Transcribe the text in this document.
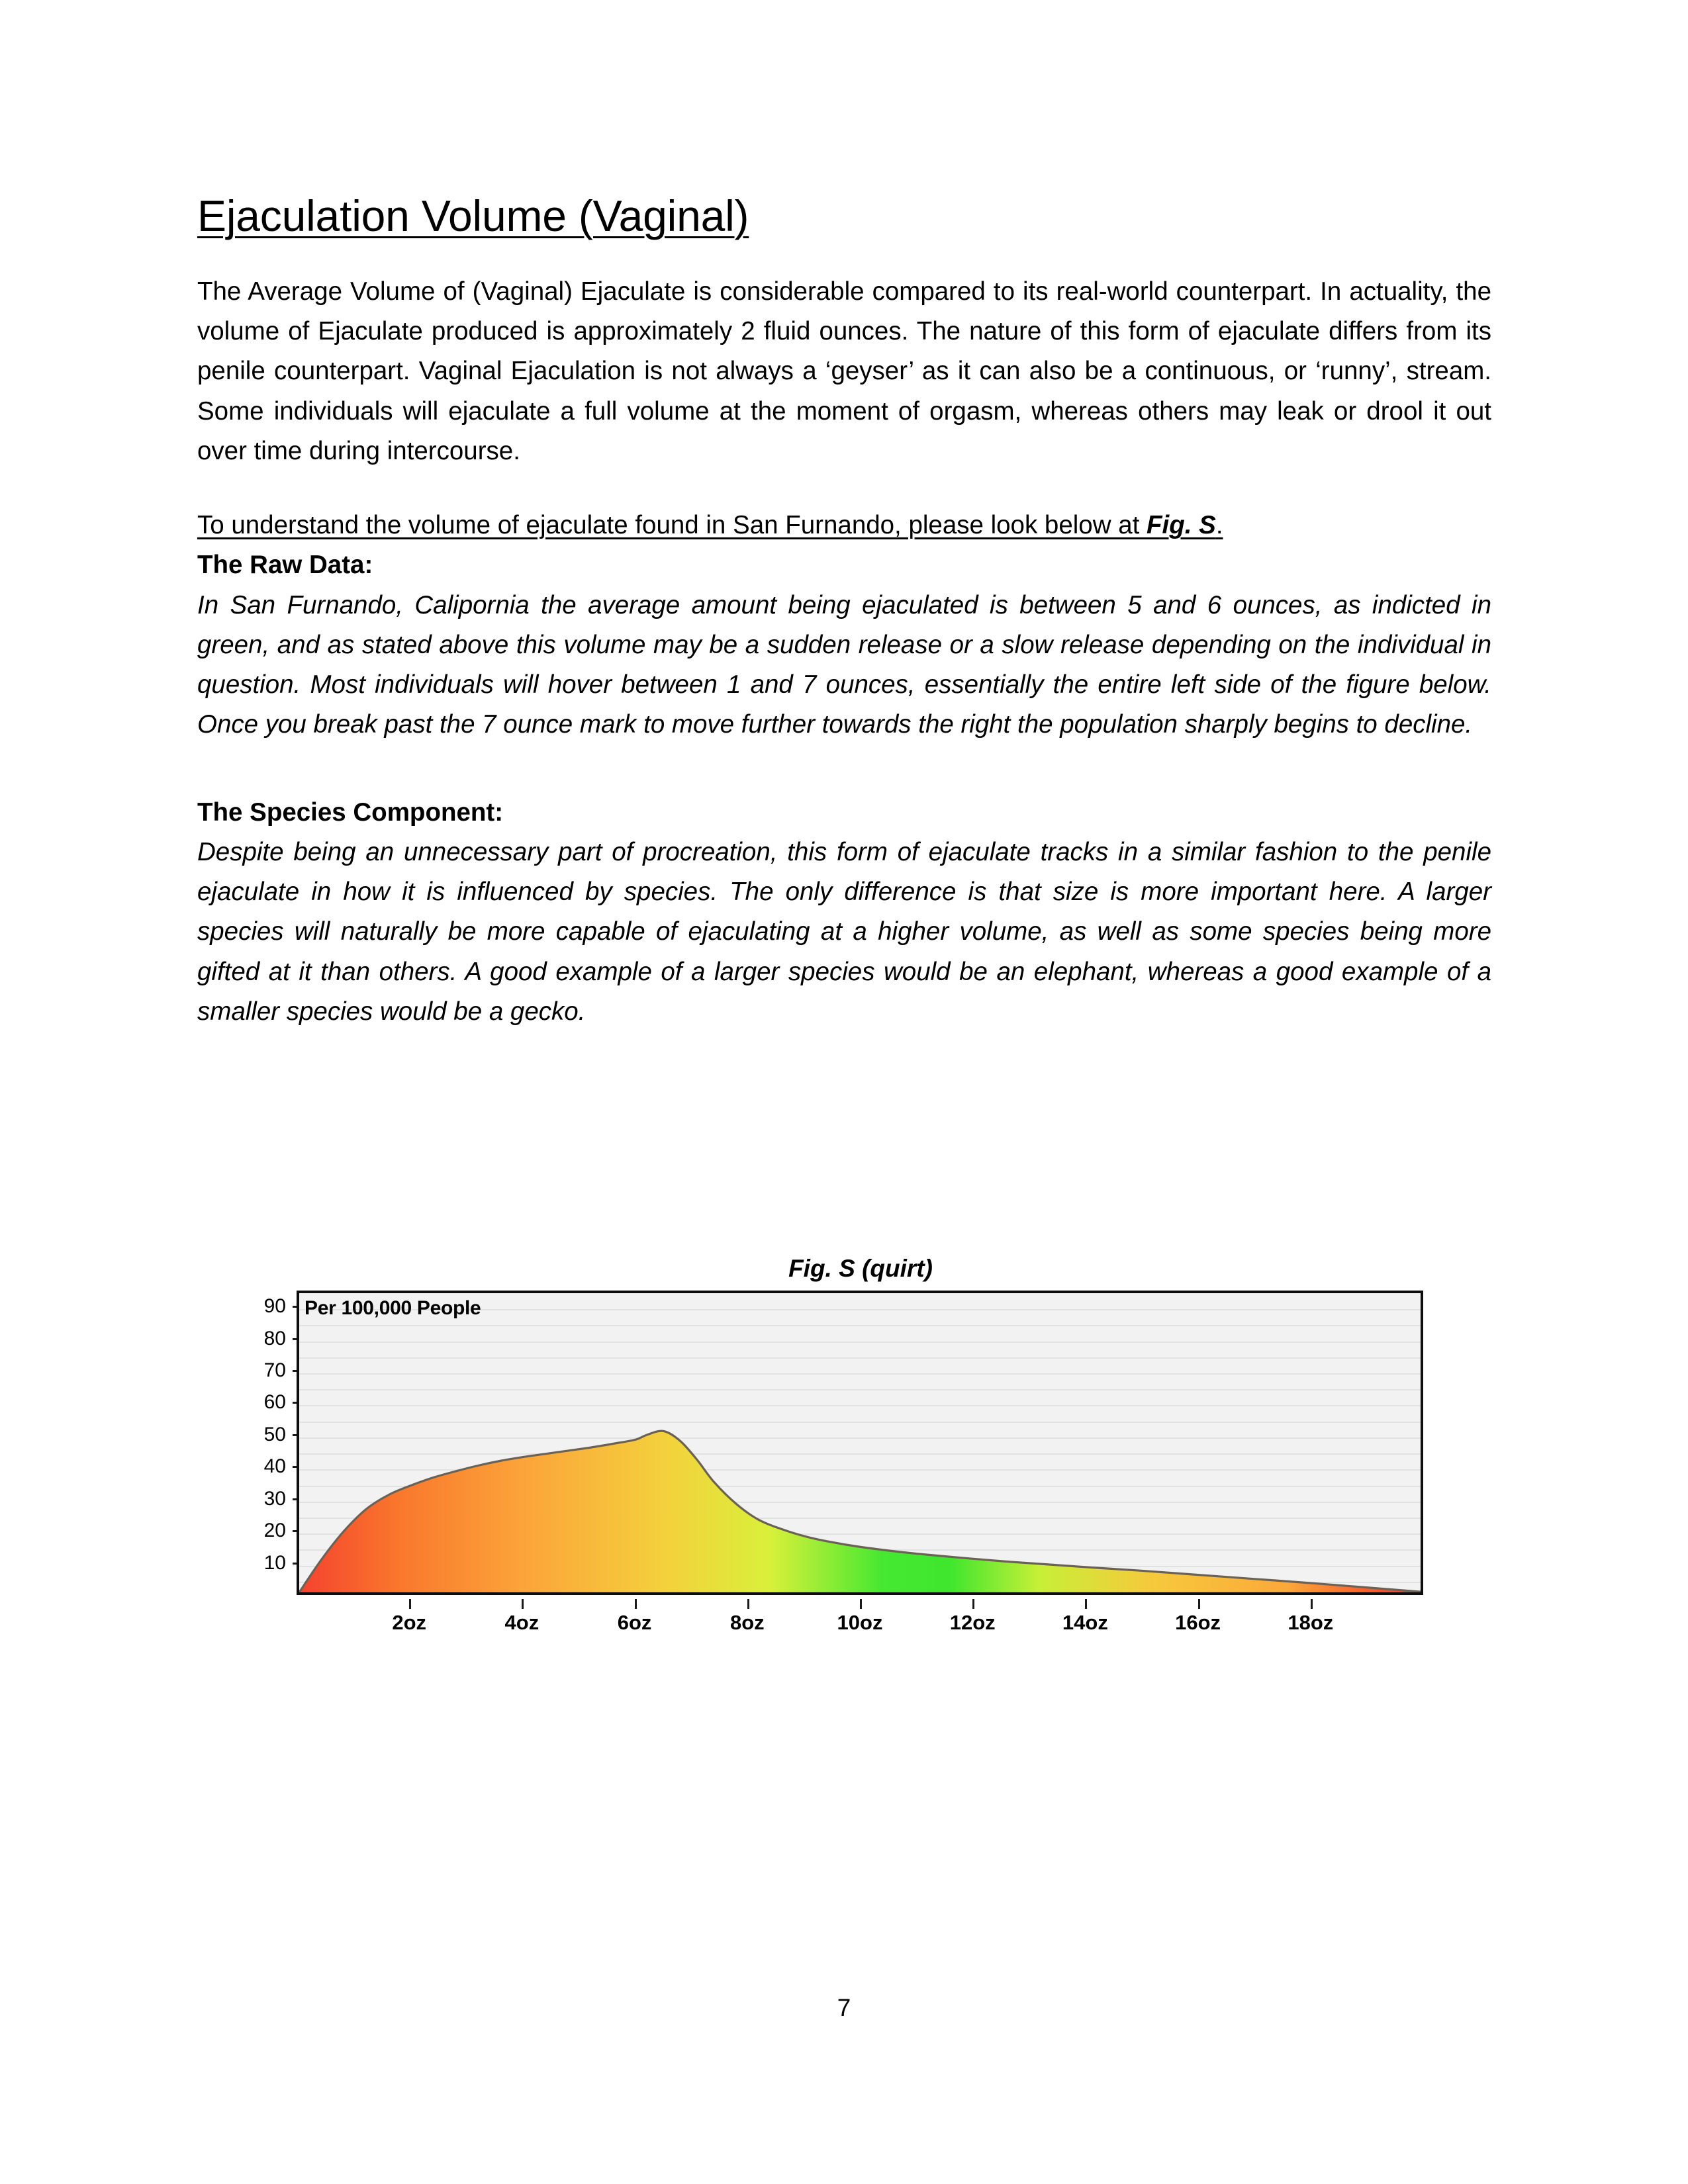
Ejaculation Volume (Vaginal)

The Average Volume of (Vaginal) Ejaculate is considerable compared to its real-world counterpart. In actuality, the volume of Ejaculate produced is approximately 2 fluid ounces. The nature of this form of ejaculate differs from its penile counterpart. Vaginal Ejaculation is not always a ‘geyser’ as it can also be a continuous, or ‘runny’, stream. Some individuals will ejaculate a full volume at the moment of orgasm, whereas others may leak or drool it out over time during intercourse.

To understand the volume of ejaculate found in San Furnando, please look below at Fig. S.

The Raw Data:

In San Furnando, Calipornia the average amount being ejaculated is between 5 and 6 ounces, as indicted in green, and as stated above this volume may be a sudden release or a slow release depending on the individual in question. Most individuals will hover between 1 and 7 ounces, essentially the entire left side of the figure below. Once you break past the 7 ounce mark to move further towards the right the population sharply begins to decline.

The Species Component:

Despite being an unnecessary part of procreation, this form of ejaculate tracks in a similar fashion to the penile ejaculate in how it is influenced by species. The only difference is that size is more important here. A larger species will naturally be more capable of ejaculating at a higher volume, as well as some species being more gifted at it than others. A good example of a larger species would be an elephant, whereas a good example of a smaller species would be a gecko.

Fig. S (quirt)
90
80
70
60
50
40
30
20
10
Per 100,000 People
2oz	4oz	6oz	8oz	10oz	12oz	14oz	16oz	18oz
7
